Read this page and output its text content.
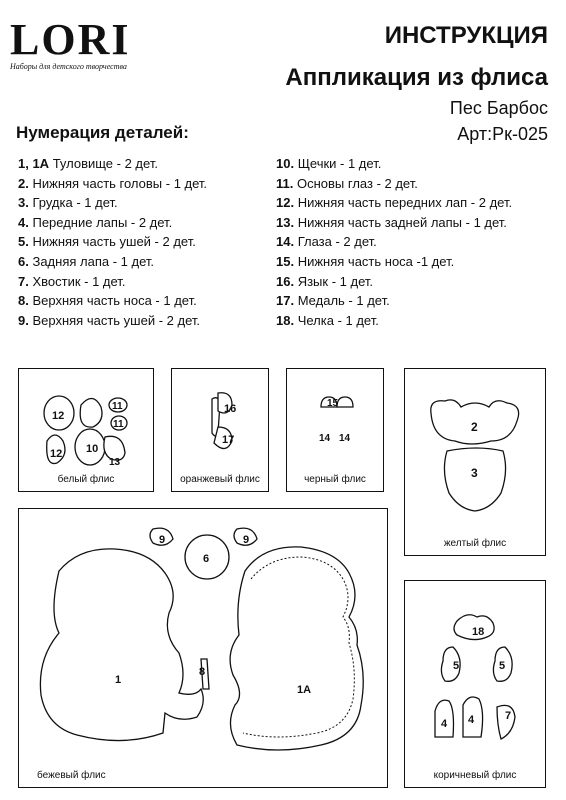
LORI
Наборы для детского творчества
ИНСТРУКЦИЯ
Аппликация из флиса
Пес Барбос
Арт:Рк-025
Нумерация деталей:
1, 1А Туловище - 2 дет.
2. Нижняя часть головы - 1 дет.
3. Грудка - 1 дет.
4. Передние лапы - 2 дет.
5. Нижняя часть ушей - 2 дет.
6. Задняя лапа - 1 дет.
7. Хвостик - 1 дет.
8. Верхняя часть носа - 1 дет.
9. Верхняя часть ушей - 2 дет.
10. Щечки - 1 дет.
11. Основы глаз - 2 дет.
12. Нижняя часть передних лап - 2 дет.
13. Нижняя часть задней лапы - 1 дет.
14. Глаза - 2 дет.
15. Нижняя часть носа -1 дет.
16. Язык - 1 дет.
17. Медаль - 1 дет.
18. Челка - 1 дет.
12
11
11
10
12
13
белый флис
16
17
оранжевый флис
15
14 14
черный флис
2
3
желтый флис
9
6
9
1
8
1А
бежевый флис
18
5	5
4 4	7
коричневый флис
